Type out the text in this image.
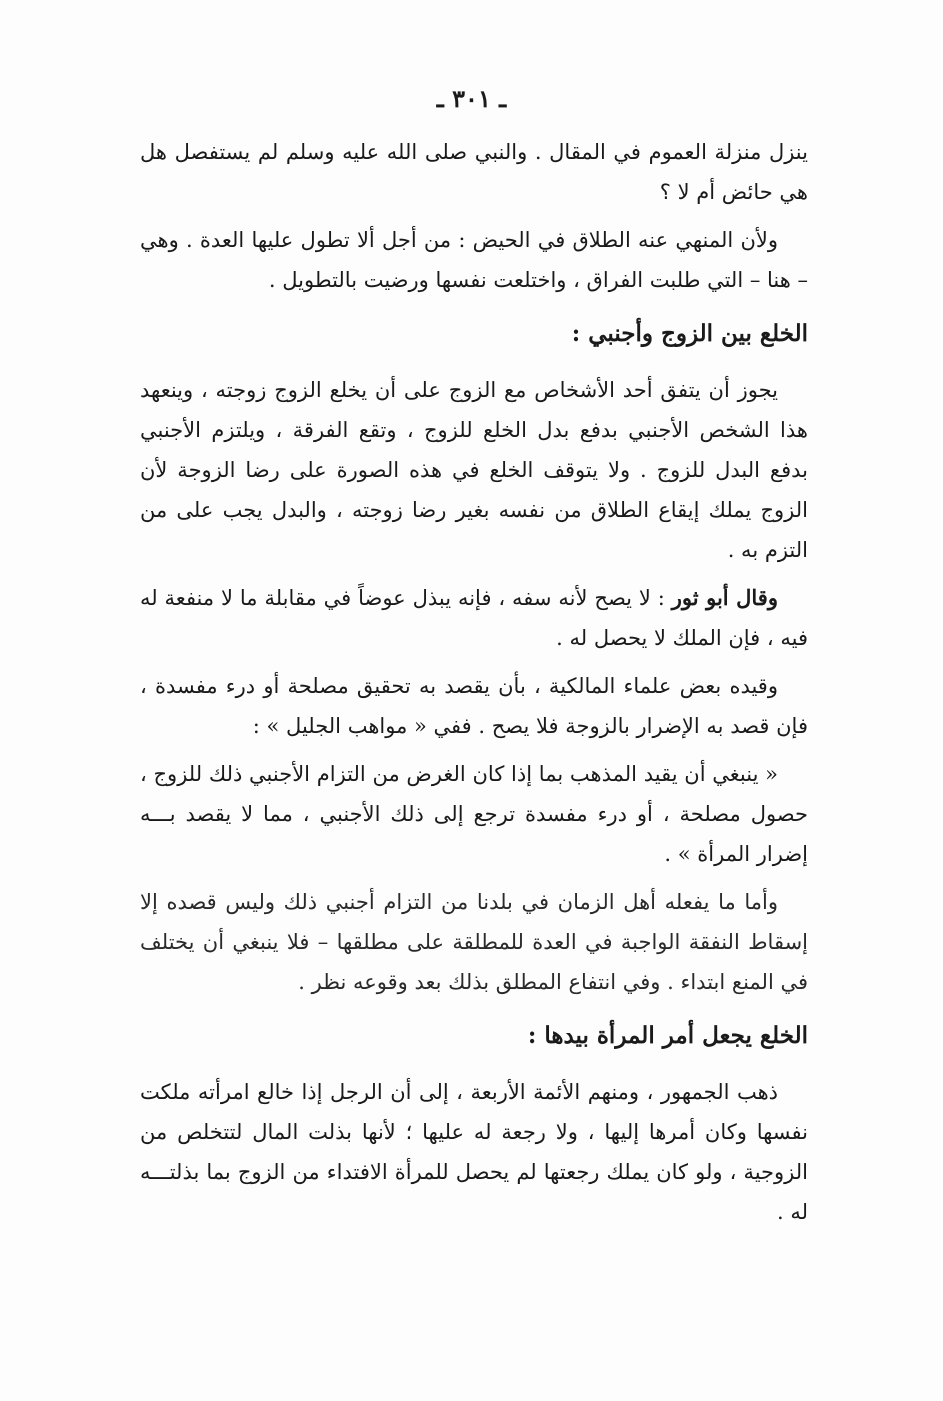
ـ ٣٠١ ـ

ينزل منزلة العموم في المقال . والنبي صلى الله عليه وسلم لم يستفصل هل هي حائض أم لا ؟

ولأن المنهي عنه الطلاق في الحيض : من أجل ألا تطول عليها العدة . وهي – هنا – التي طلبت الفراق ، واختلعت نفسها ورضيت بالتطويل .

الخلع بين الزوج وأجنبي :

يجوز أن يتفق أحد الأشخاص مع الزوج على أن يخلع الزوج زوجته ، وينعهد هذا الشخص الأجنبي بدفع بدل الخلع للزوج ، وتقع الفرقة ، ويلتزم الأجنبي بدفع البدل للزوج . ولا يتوقف الخلع في هذه الصورة على رضا الزوجة لأن الزوج يملك إيقاع الطلاق من نفسه بغير رضا زوجته ، والبدل يجب على من التزم به .

وقال أبو ثور : لا يصح لأنه سفه ، فإنه يبذل عوضاً في مقابلة ما لا منفعة له فيه ، فإن الملك لا يحصل له .

وقيده بعض علماء المالكية ، بأن يقصد به تحقيق مصلحة أو درء مفسدة ، فإن قصد به الإضرار بالزوجة فلا يصح . ففي « مواهب الجليل » :

« ينبغي أن يقيد المذهب بما إذا كان الغرض من التزام الأجنبي ذلك للزوج ، حصول مصلحة ، أو درء مفسدة ترجع إلى ذلك الأجنبي ، مما لا يقصد بـــه إضرار المرأة » .

وأما ما يفعله أهل الزمان في بلدنا من التزام أجنبي ذلك وليس قصده إلا إسقاط النفقة الواجبة في العدة للمطلقة على مطلقها – فلا ينبغي أن يختلف في المنع ابتداء . وفي انتفاع المطلق بذلك بعد وقوعه نظر .

الخلع يجعل أمر المرأة بيدها :

ذهب الجمهور ، ومنهم الأئمة الأربعة ، إلى أن الرجل إذا خالع امرأته ملكت نفسها وكان أمرها إليها ، ولا رجعة له عليها ؛ لأنها بذلت المال لتتخلص من الزوجية ، ولو كان يملك رجعتها لم يحصل للمرأة الافتداء من الزوج بما بذلتـــه له .
